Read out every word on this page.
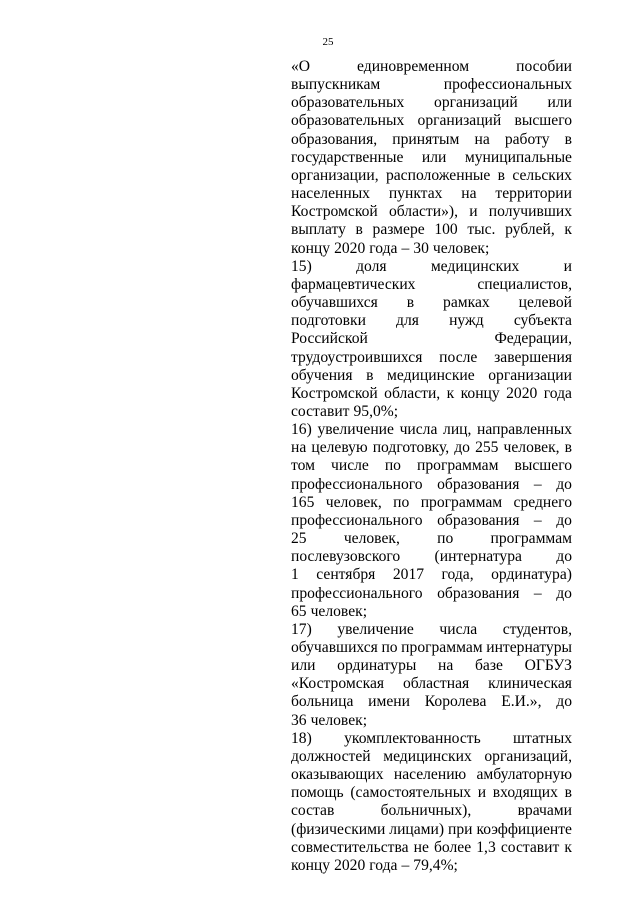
25
«О	единовременном	пособии
выпускникам	профессиональных
образовательных организаций или
образовательных организаций высшего
образования, принятым на работу в
государственные или муниципальные
организации, расположенные в сельских
населенных пунктах на территории
Костромской области»), и получивших
выплату в размере 100 тыс. рублей, к
концу 2020 года – 30 человек;
15)	доля	медицинских	и
фармацевтических	специалистов,
обучавшихся в рамках целевой
подготовки для нужд субъекта
Российской	Федерации,
трудоустроившихся после завершения
обучения в медицинские организации
Костромской области, к концу 2020 года
составит 95,0%;
16) увеличение числа лиц, направленных
на целевую подготовку, до 255 человек, в
том числе по программам высшего
профессионального образования – до
165 человек, по программам среднего
профессионального образования – до
25 человек, по программам
послевузовского (интернатура до
1 сентября 2017 года, ординатура)
профессионального образования – до
65 человек;
17) увеличение числа студентов,
обучавшихся по программам интернатуры
или ординатуры на базе ОГБУЗ
«Костромская областная клиническая
больница имени Королева Е.И.», до
36 человек;
18) укомплектованность штатных
должностей медицинских организаций,
оказывающих населению амбулаторную
помощь (самостоятельных и входящих в
состав	больничных),	врачами
(физическими лицами) при коэффициенте
совместительства не более 1,3 составит к
концу 2020 года – 79,4%;
